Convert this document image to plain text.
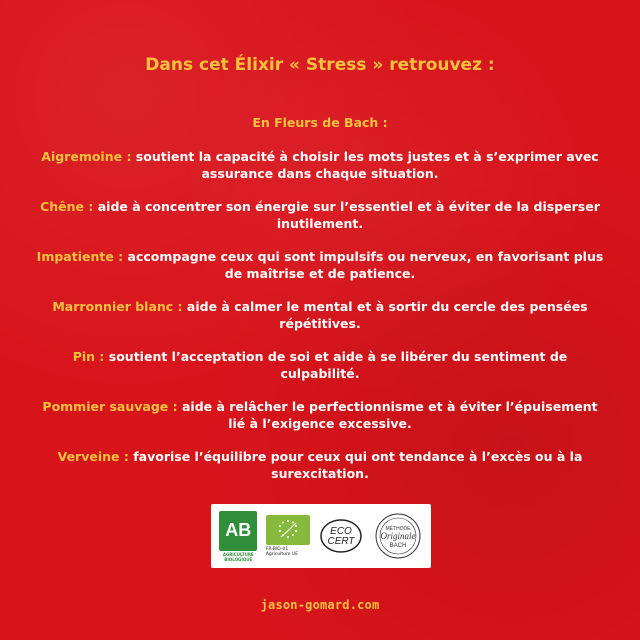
Dans cet Élixir « Stress » retrouvez :
En Fleurs de Bach :

Aigremoine : soutient la capacité à choisir les mots justes et à s’exprimer avec assurance dans chaque situation.

Chêne : aide à concentrer son énergie sur l’essentiel et à éviter de la disperser inutilement.

Impatiente : accompagne ceux qui sont impulsifs ou nerveux, en favorisant plus de maîtrise et de patience.

Marronnier blanc : aide à calmer le mental et à sortir du cercle des pensées répétitives.

Pin : soutient l’acceptation de soi et aide à se libérer du sentiment de culpabilité.

Pommier sauvage : aide à relâcher le perfectionnisme et à éviter l’épuisement lié à l’exigence excessive.

Verveine : favorise l’équilibre pour ceux qui ont tendance à l’excès ou à la surexcitation.

AB
AGRICULTURE
BIOLOGIQUE
FR-BIO-01
Agriculture UE
ECO
CERT
MÉTHODE
Originale
BACH
jason-gomard.com
